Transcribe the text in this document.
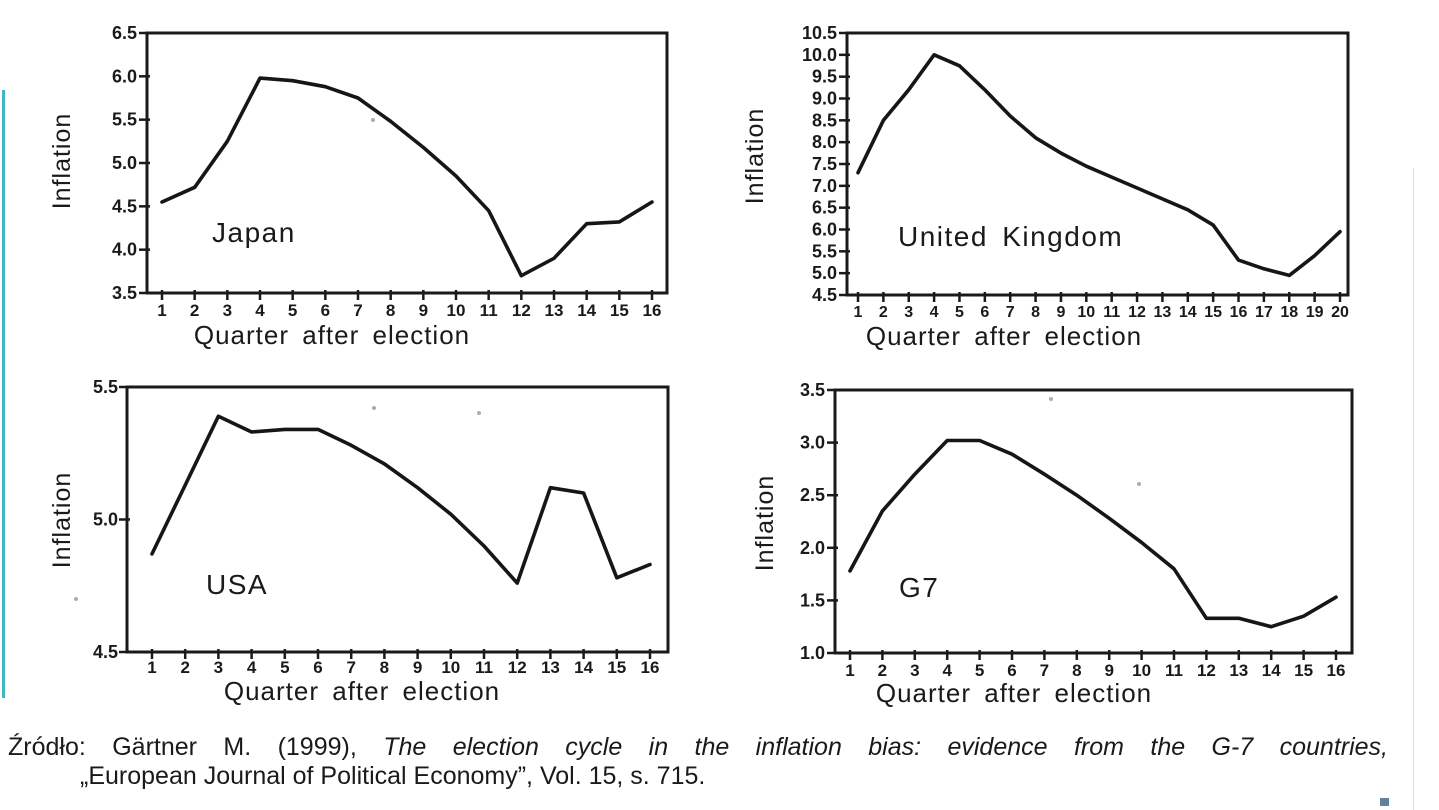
3.5
4.0
4.5
5.0
5.5
6.0
6.5
1 2 3 4 5 6 7 8 9 10 11 12 13 14 15 16
Japan
Inflation
Quarter after election
4.5
5.0
5.5
6.0
6.5
7.0
7.5
8.0
8.5
9.0
9.5
10.0
10.5
1 2 3 4 5 6 7 8 9 10 11 12 13 14 15 16 17 18 19 20
United Kingdom
Inflation
Quarter after election
4.5
5.0
5.5
1 2 3 4 5 6 7 8 9 10 11 12 13 14 15 16
USA
Inflation
Quarter after election
1.0
1.5
2.0
2.5
3.0
3.5
1 2 3 4 5 6 7 8 9 10 11 12 13 14 15 16
G7
Inflation
Quarter after election
Źródło: Gärtner M. (1999), The election cycle in the inflation bias: evidence from the G-7 countries,
„European Journal of Political Economy”, Vol. 15, s. 715.
